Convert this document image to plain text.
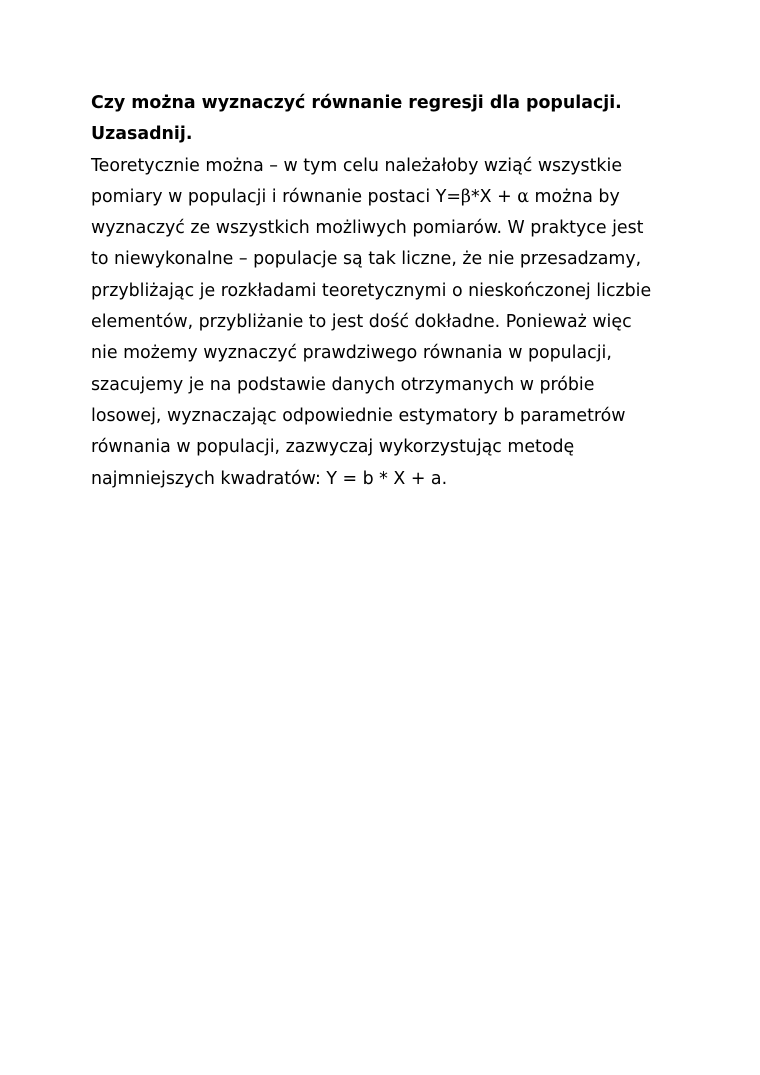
Czy można wyznaczyć równanie regresji dla populacji.
Uzasadnij.
Teoretycznie można – w tym celu należałoby wziąć wszystkie
pomiary w populacji i równanie postaci Y=β*X + α można by
wyznaczyć ze wszystkich możliwych pomiarów. W praktyce jest
to niewykonalne – populacje są tak liczne, że nie przesadzamy,
przybliżając je rozkładami teoretycznymi o nieskończonej liczbie
elementów, przybliżanie to jest dość dokładne. Ponieważ więc
nie możemy wyznaczyć prawdziwego równania w populacji,
szacujemy je na podstawie danych otrzymanych w próbie
losowej, wyznaczając odpowiednie estymatory b parametrów
równania w populacji, zazwyczaj wykorzystując metodę
najmniejszych kwadratów: Y = b * X + a.
